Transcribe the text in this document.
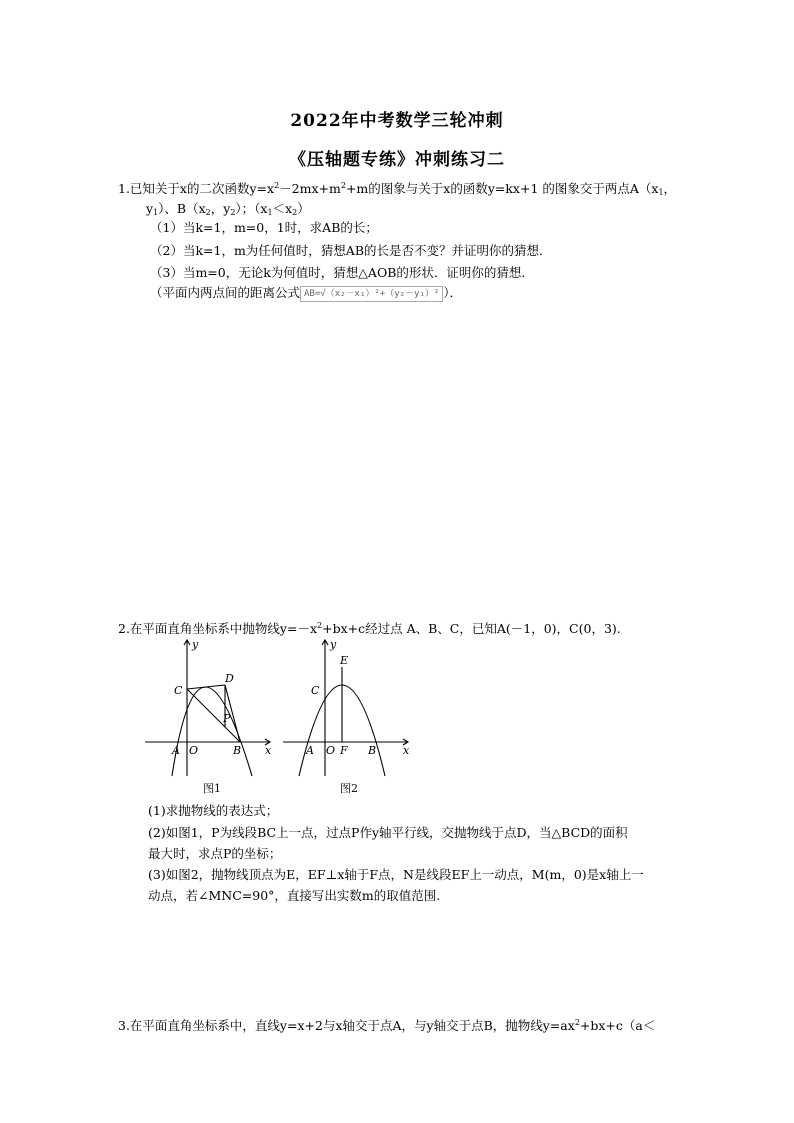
2022年中考数学三轮冲刺
《压轴题专练》冲刺练习二
1.已知关于x的二次函数$y=x^2-2mx+m^2+m$的图象与关于x的函数y=kx+1 的图象交于两点$A(x_1$，
$y_1$）、$B(x_2$，$y_2$）；$(x_1<x_2)$
（1）当k=1，m=0，1时，求AB的长；
（2）当k=1，m为任何值时，猜想AB的长是否不变？并证明你的猜想．
（3）当m=0，无论k为何值时，猜想△AOB的形状．证明你的猜想．
（平面内两点间的距离公式 AB=√（x₂－x₁）²+（y₂－y₁）² ）．
2.在平面直角坐标系中抛物线$y=-x^2+bx+c$经过点 A、B、C，已知A(－1，0)，C(0，3).
y
x
C
D
P
A O	B
图1
y
x
E
C
A O F B
图2
(1)求抛物线的表达式；
(2)如图1，P为线段BC上一点，过点P作y轴平行线，交抛物线于点D，当△BCD的面积
最大时，求点P的坐标；
(3)如图2，抛物线顶点为E，EF⊥x轴于F点，N是线段EF上一动点，M(m，0)是x轴上一
动点，若∠MNC=90°，直接写出实数m的取值范围.
3.在平面直角坐标系中，直线y=x+2与x轴交于点A，与y轴交于点B，抛物线$y=ax^2+bx+c(a<$
